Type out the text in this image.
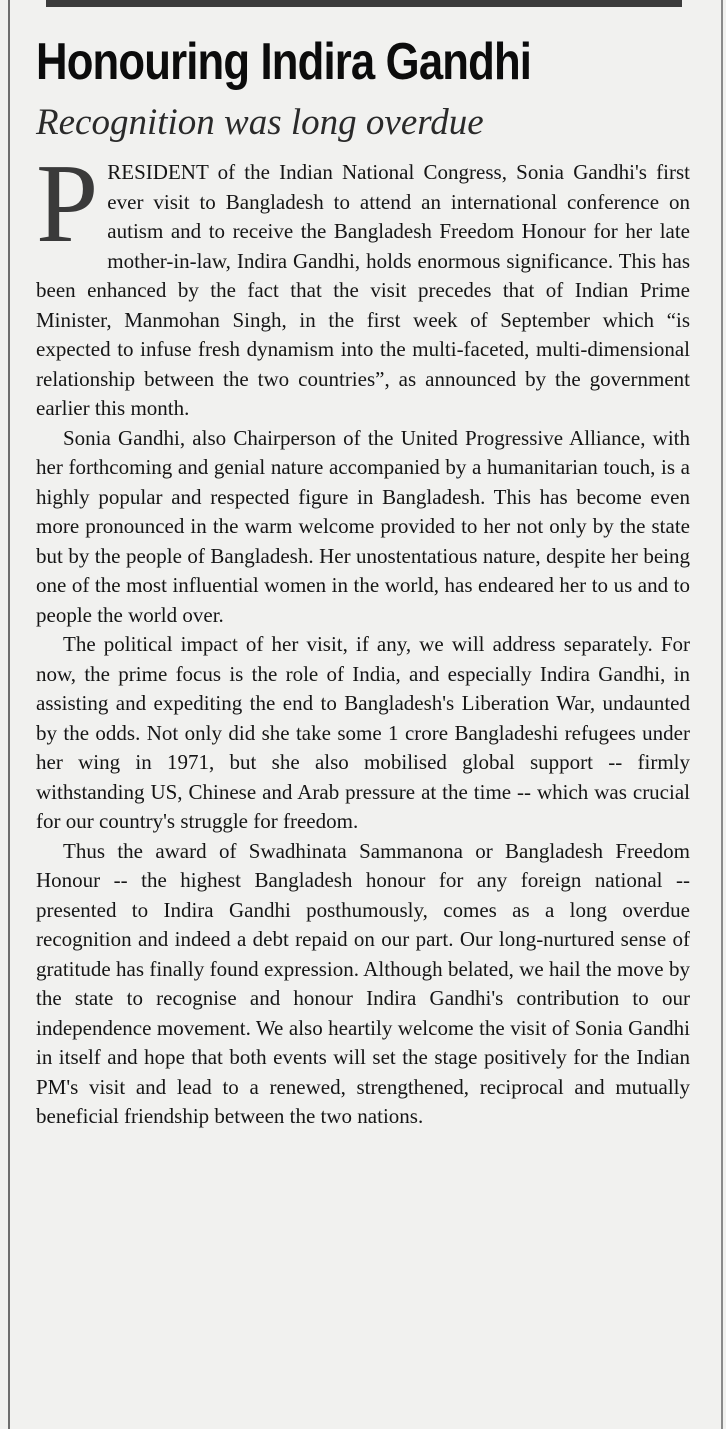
Honouring Indira Gandhi
Recognition was long overdue

PRESIDENT of the Indian National Congress, Sonia Gandhi's first ever visit to Bangladesh to attend an international conference on autism and to receive the Bangladesh Freedom Honour for her late mother-in-law, Indira Gandhi, holds enormous significance. This has been enhanced by the fact that the visit precedes that of Indian Prime Minister, Manmohan Singh, in the first week of September which “is expected to infuse fresh dynamism into the multi-faceted, multi-dimensional relationship between the two countries”, as announced by the government earlier this month.

Sonia Gandhi, also Chairperson of the United Progressive Alliance, with her forthcoming and genial nature accompanied by a humanitarian touch, is a highly popular and respected figure in Bangladesh. This has become even more pronounced in the warm welcome provided to her not only by the state but by the people of Bangladesh. Her unostentatious nature, despite her being one of the most influential women in the world, has endeared her to us and to people the world over.

The political impact of her visit, if any, we will address separately. For now, the prime focus is the role of India, and especially Indira Gandhi, in assisting and expediting the end to Bangladesh's Liberation War, undaunted by the odds. Not only did she take some 1 crore Bangladeshi refugees under her wing in 1971, but she also mobilised global support -- firmly withstanding US, Chinese and Arab pressure at the time -- which was crucial for our country's struggle for freedom.

Thus the award of Swadhinata Sammanona or Bangladesh Freedom Honour -- the highest Bangladesh honour for any foreign national -- presented to Indira Gandhi posthumously, comes as a long overdue recognition and indeed a debt repaid on our part. Our long-nurtured sense of gratitude has finally found expression. Although belated, we hail the move by the state to recognise and honour Indira Gandhi's contribution to our independence movement. We also heartily welcome the visit of Sonia Gandhi in itself and hope that both events will set the stage positively for the Indian PM's visit and lead to a renewed, strengthened, reciprocal and mutually beneficial friendship between the two nations.
